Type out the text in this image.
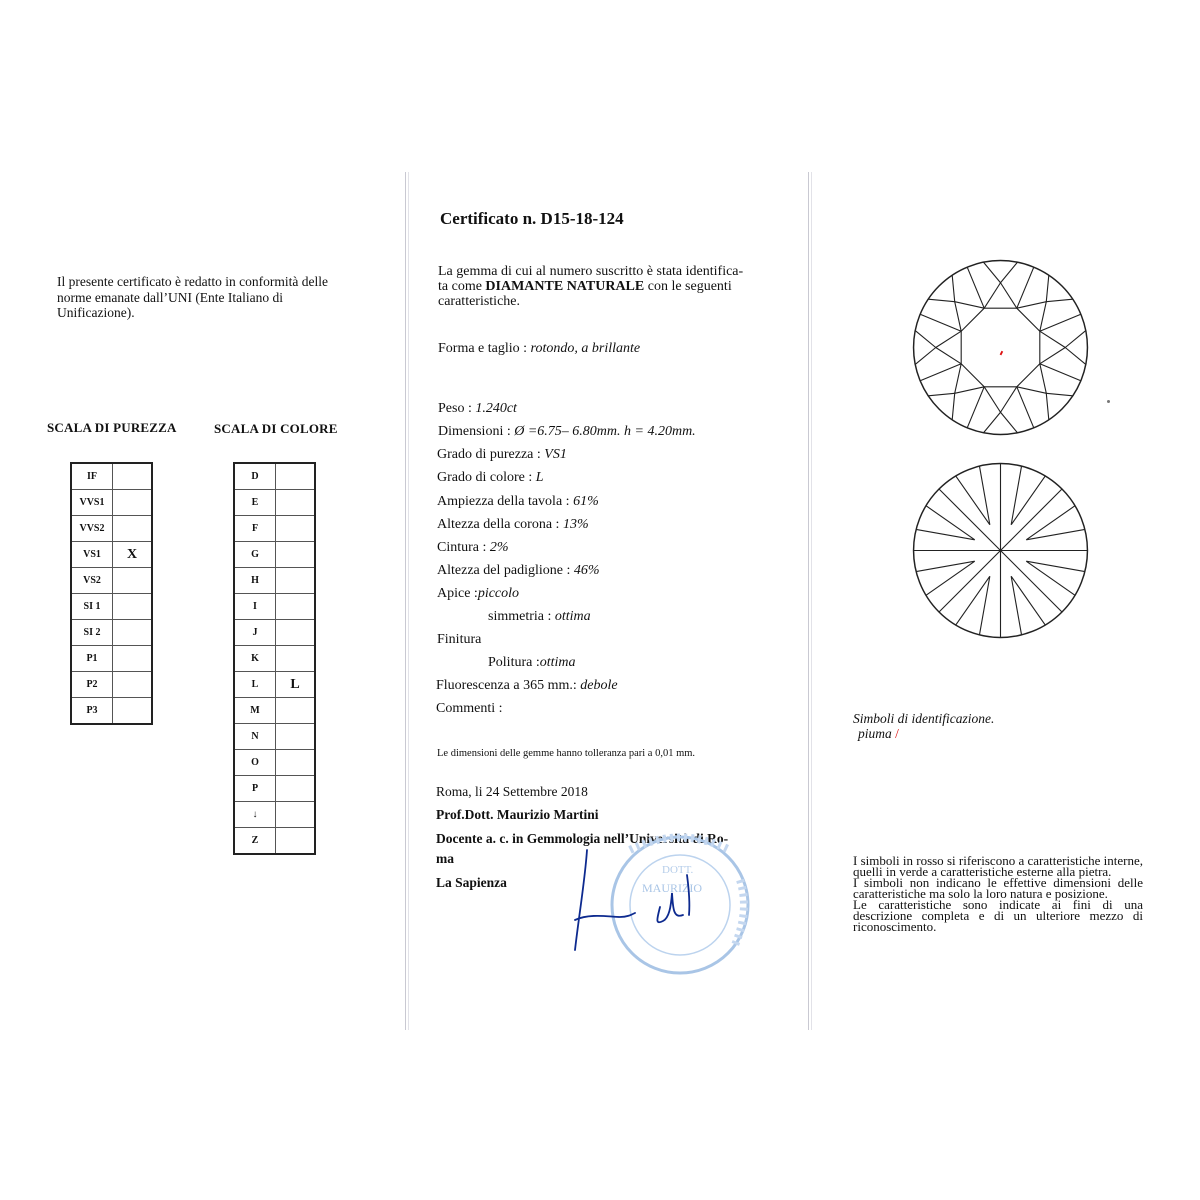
Il presente certificato è redatto in conformità delle norme emanate dall’UNI (Ente Italiano di Unificazione).
SCALA DI PUREZZA	SCALA DI COLORE
IF	
VVS1	
VVS2	
VS1	X
VS2	
SI 1	
SI 2	
P1	
P2	
P3	
D	
E	
F	
G	
H	
I	
J	
K	
L	L
M	
N	
O	
P	
↓	
Z	
Certificato n. D15-18-124
La gemma di cui al numero suscritto è stata identifica-
ta come DIAMANTE NATURALE con le seguenti
caratteristiche.
Forma e taglio : rotondo, a brillante
Peso : 1.240ct
Dimensioni : Ø =6.75– 6.80mm. h = 4.20mm.
Grado di purezza : VS1
Grado di colore : L
Ampiezza della tavola : 61%
Altezza della corona : 13%
Cintura : 2%
Altezza del padiglione : 46%
Apice :piccolo
simmetria : ottima
Finitura
Politura :ottima
Fluorescenza a 365 mm.: debole
Commenti :
Le dimensioni delle gemme hanno tolleranza pari a 0,01 mm.
Roma, li 24 Settembre 2018
Prof.Dott. Maurizio Martini
Docente a. c. in Gemmologia nell’Università di Ro-
ma
La Sapienza
DOTT.
MAURIZIO
Simboli di identificazione.
piuma /

I simboli in rosso si riferiscono a caratteristiche interne, quelli in verde a caratteristiche esterne alla pietra.

I simboli non indicano le effettive dimensioni delle caratteristiche ma solo la loro natura e posizione.

Le caratteristiche sono indicate ai fini di una descrizione completa e di un ulteriore mezzo di riconoscimento.
